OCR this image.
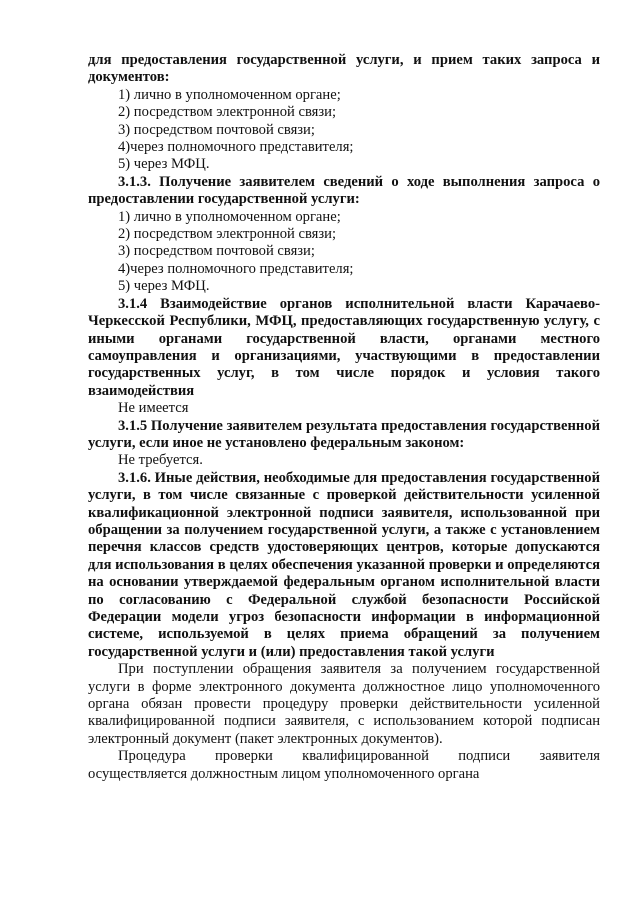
для предоставления государственной услуги, и прием таких запроса и документов:

1) лично в уполномоченном органе;

2) посредством электронной связи;

3) посредством почтовой связи;

4)через полномочного представителя;

5) через МФЦ.

3.1.3. Получение заявителем сведений о ходе выполнения запроса о предоставлении государственной услуги:

1) лично в уполномоченном органе;

2) посредством электронной связи;

3) посредством почтовой связи;

4)через полномочного представителя;

5) через МФЦ.

3.1.4 Взаимодействие органов исполнительной власти Карачаево-Черкесской Республики, МФЦ, предоставляющих государственную услугу, с иными органами государственной власти, органами местного самоуправления и организациями, участвующими в предоставлении государственных услуг, в том числе порядок и условия такого взаимодействия

Не имеется

3.1.5 Получение заявителем результата предоставления государственной услуги, если иное не установлено федеральным законом:

Не требуется.

3.1.6. Иные действия, необходимые для предоставления государственной услуги, в том числе связанные с проверкой действительности усиленной квалификационной электронной подписи заявителя, использованной при обращении за получением государственной услуги, а также с установлением перечня классов средств удостоверяющих центров, которые допускаются для использования в целях обеспечения указанной проверки и определяются на основании утверждаемой федеральным органом исполнительной власти по согласованию с Федеральной службой безопасности Российской Федерации модели угроз безопасности информации в информационной системе, используемой в целях приема обращений за получением государственной услуги и (или) предоставления такой услуги

При поступлении обращения заявителя за получением государственной услуги в форме электронного документа должностное лицо уполномоченного органа обязан провести процедуру проверки действительности усиленной квалифицированной подписи заявителя, с использованием которой подписан электронный документ (пакет электронных документов).

Процедура проверки квалифицированной подписи заявителя осуществляется должностным лицом уполномоченного органа
